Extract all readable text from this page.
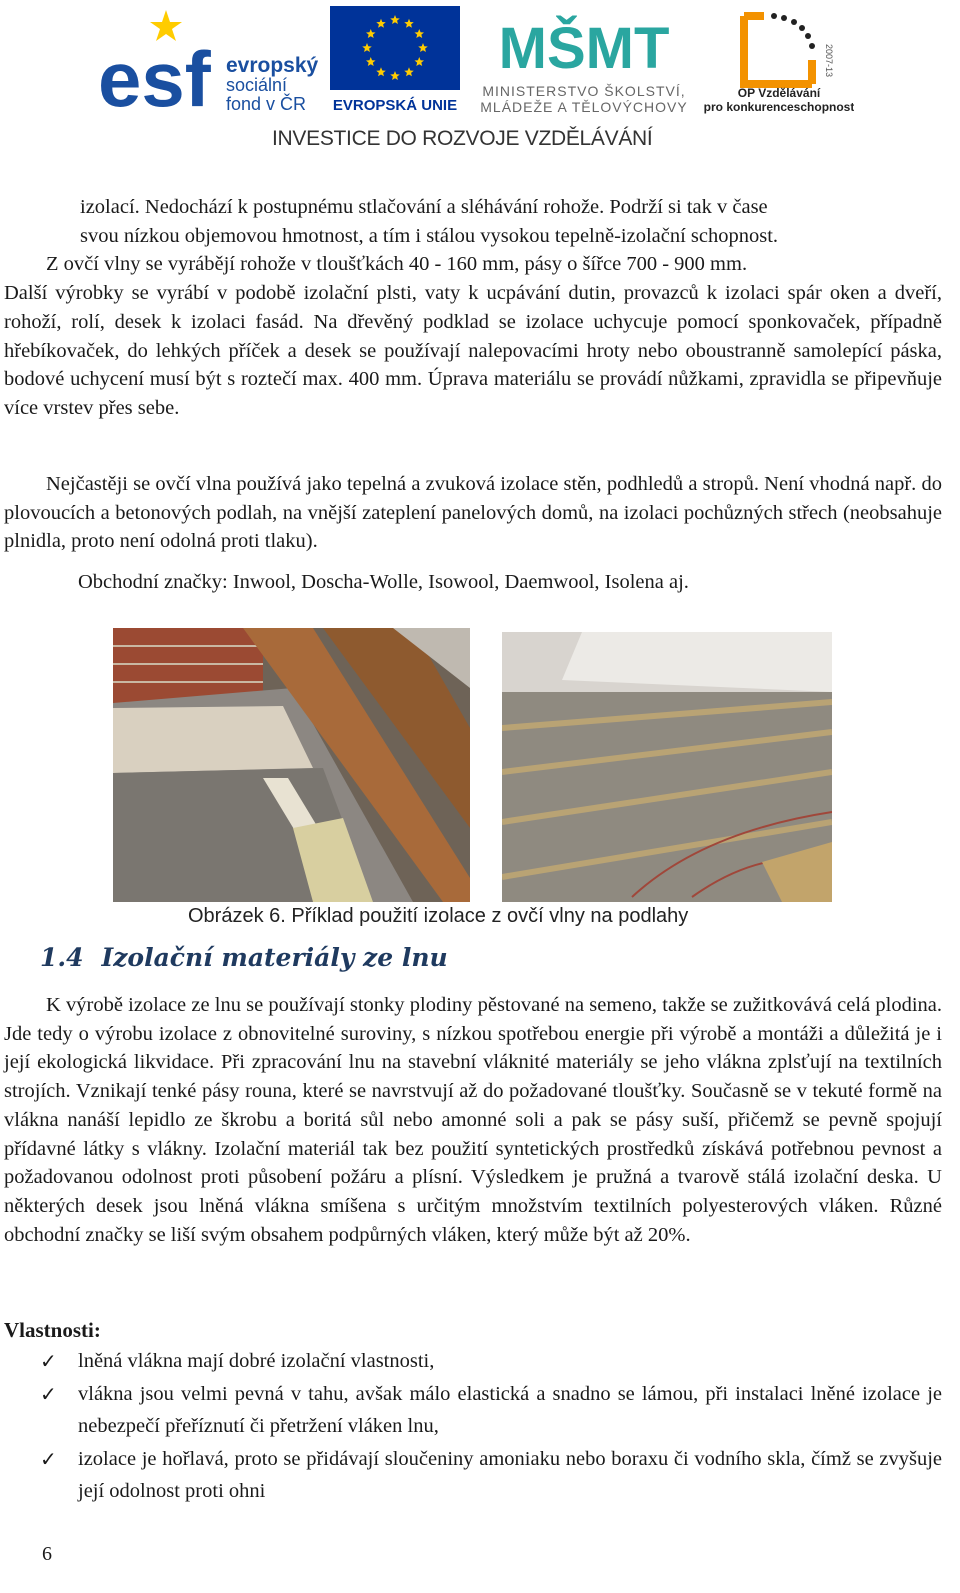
esf evropský
sociální
fond v ČR EVROPSKÁ UNIE
MŠMT
MINISTERSTVO ŠKOLSTVÍ,
MLÁDEŽE A TĚLOVÝCHOVY
2007-13
OP Vzdělávání
pro konkurenceschopnost
INVESTICE DO ROZVOJE VZDĚLÁVÁNÍ
izolací. Nedochází k postupnému stlačování a sléhávání rohože. Podrží si tak v čase
svou nízkou objemovou hmotnost, a tím i stálou vysokou tepelně-izolační schopnost.
Z ovčí vlny se vyrábějí rohože v tloušťkách 40 - 160 mm, pásy o šířce 700 - 900 mm.

Další výrobky se vyrábí v podobě izolační plsti, vaty k ucpávání dutin, provazců k izolaci spár oken a dveří, rohoží, rolí, desek k izolaci fasád. Na dřevěný podklad se izolace uchycuje pomocí sponkovaček, případně hřebíkovaček, do lehkých příček a desek se používají nalepovacími hroty nebo oboustranně samolepící páska, bodové uchycení musí být s roztečí max. 400 mm. Úprava materiálu se provádí nůžkami, zpravidla se připevňuje více vrstev přes sebe.

Nejčastěji se ovčí vlna používá jako tepelná a zvuková izolace stěn, podhledů a stropů. Není vhodná např. do plovoucích a betonových podlah, na vnější zateplení panelových domů, na izolaci pochůzných střech (neobsahuje plnidla, proto není odolná proti tlaku).

Obchodní značky: Inwool, Doscha-Wolle, Isowool, Daemwool, Isolena aj.
Obrázek 6. Příklad použití izolace z ovčí vlny na podlahy
1.4 Izolační materiály ze lnu

K výrobě izolace ze lnu se používají stonky plodiny pěstované na semeno, takže se zužitkovává celá plodina. Jde tedy o výrobu izolace z obnovitelné suroviny, s nízkou spotřebou energie při výrobě a montáži a důležitá je i její ekologická likvidace. Při zpracování lnu na stavební vláknité materiály se jeho vlákna zplsťují na textilních strojích. Vznikají tenké pásy rouna, které se navrstvují až do požadované tloušťky. Současně se v tekuté formě na vlákna nanáší lepidlo ze škrobu a boritá sůl nebo amonné soli a pak se pásy suší, přičemž se pevně spojují přídavné látky s vlákny. Izolační materiál tak bez použití syntetických prostředků získává potřebnou pevnost a požadovanou odolnost proti působení požáru a plísní. Výsledkem je pružná a tvarově stálá izolační deska. U některých desek jsou lněná vlákna smíšena s určitým množstvím textilních polyesterových vláken. Různé obchodní značky se liší svým obsahem podpůrných vláken, který může být až 20%.

Vlastnosti:
✓ lněná vlákna mají dobré izolační vlastnosti,
✓ vlákna jsou velmi pevná v tahu, avšak málo elastická a snadno se lámou, při instalaci lněné izolace je nebezpečí přeříznutí či přetržení vláken lnu,
✓ izolace je hořlavá, proto se přidávají sloučeniny amoniaku nebo boraxu či vodního skla, čímž se zvyšuje její odolnost proti ohni
6
